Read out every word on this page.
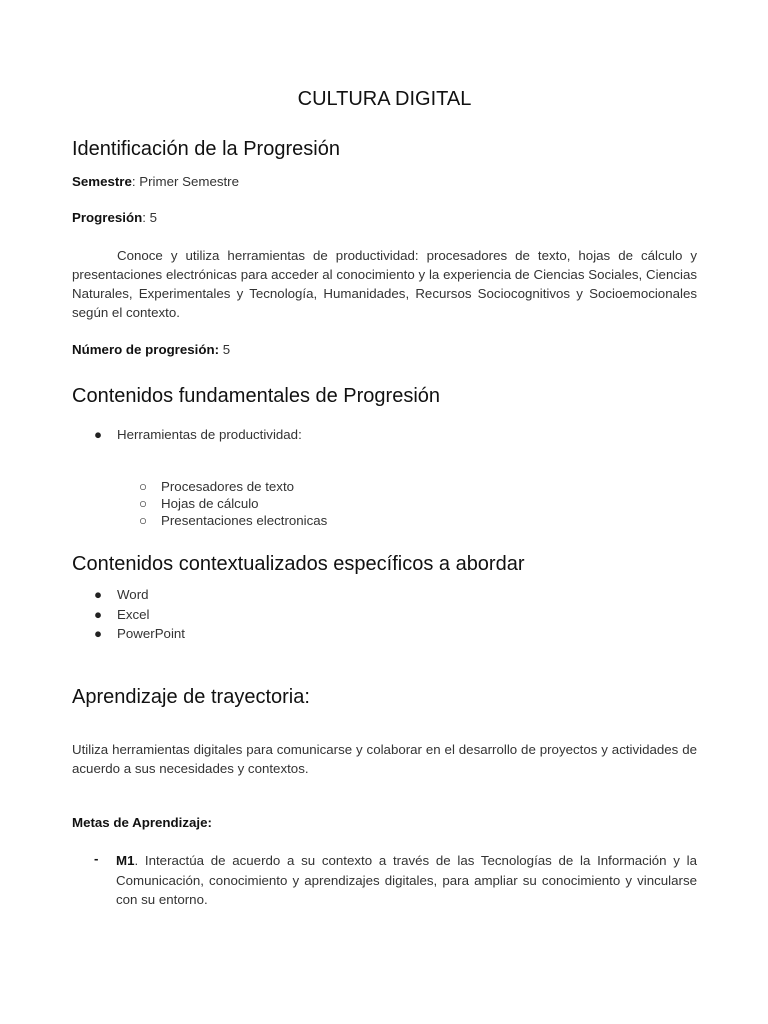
CULTURA DIGITAL
Identificación de la Progresión
Semestre: Primer Semestre
Progresión: 5
Conoce y utiliza herramientas de productividad: procesadores de texto, hojas de cálculo y presentaciones electrónicas para acceder al conocimiento y la experiencia de Ciencias Sociales, Ciencias Naturales, Experimentales y Tecnología, Humanidades, Recursos Sociocognitivos y Socioemocionales según el contexto.
Número de progresión: 5
Contenidos fundamentales de Progresión
● Herramientas de productividad:
○ Procesadores de texto
○ Hojas de cálculo
○ Presentaciones electronicas
Contenidos contextualizados específicos a abordar
● Word
● Excel
● PowerPoint
Aprendizaje de trayectoria:
Utiliza herramientas digitales para comunicarse y colaborar en el desarrollo de proyectos y actividades de acuerdo a sus necesidades y contextos.
Metas de Aprendizaje:
- M1. Interactúa de acuerdo a su contexto a través de las Tecnologías de la Información y la Comunicación, conocimiento y aprendizajes digitales, para ampliar su conocimiento y vincularse con su entorno.
